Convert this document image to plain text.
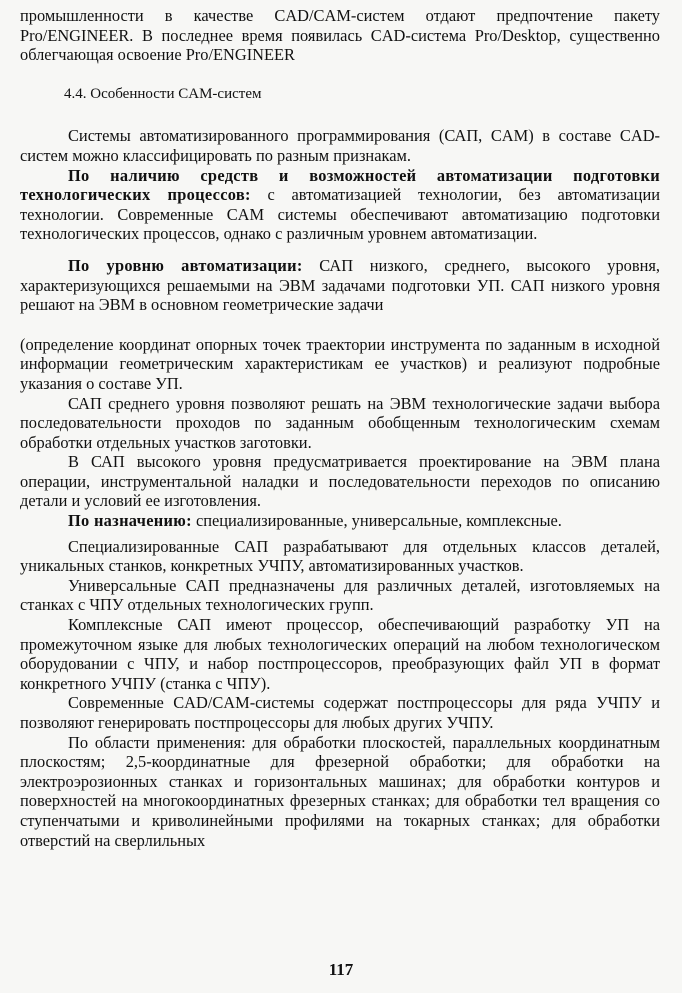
промышленности в качестве CAD/CAM-систем отдают предпочтение пакету Pro/ENGINEER. В последнее время появилась CAD-система Pro/Desktop, существенно облегчающая освоение Pro/ENGINEER

4.4. Особенности CAM-систем

Системы автоматизированного программирования (САП, CAM) в составе CAD-систем можно классифицировать по разным признакам.

По наличию средств и возможностей автоматизации подготовки технологических процессов: с автоматизацией технологии, без автоматизации технологии. Современные CAM системы обеспечивают автоматизацию подготовки технологических процессов, однако с различным уровнем автоматизации.

По уровню автоматизации: САП низкого, среднего, высокого уровня, характеризующихся решаемыми на ЭВМ задачами подготовки УП. САП низкого уровня решают на ЭВМ в основном геометрические задачи

(определение координат опорных точек траектории инструмента по заданным в исходной информации геометрическим характеристикам ее участков) и реализуют подробные указания о составе УП.

САП среднего уровня позволяют решать на ЭВМ технологические задачи выбора последовательности проходов по заданным обобщенным технологическим схемам обработки отдельных участков заготовки.

В САП высокого уровня предусматривается проектирование на ЭВМ плана операции, инструментальной наладки и последовательности переходов по описанию детали и условий ее изготовления.

По назначению: специализированные, универсальные, комплексные.

Специализированные САП разрабатывают для отдельных классов деталей, уникальных станков, конкретных УЧПУ, автоматизированных участков.

Универсальные САП предназначены для различных деталей, изготовляемых на станках с ЧПУ отдельных технологических групп.

Комплексные САП имеют процессор, обеспечивающий разработку УП на промежуточном языке для любых технологических операций на любом технологическом оборудовании с ЧПУ, и набор постпроцессоров, преобразующих файл УП в формат конкретного УЧПУ (станка с ЧПУ).

Современные CAD/CAM-системы содержат постпроцессоры для ряда УЧПУ и позволяют генерировать постпроцессоры для любых других УЧПУ.

По области применения: для обработки плоскостей, параллельных координатным плоскостям; 2,5-координатные для фрезерной обработки; для обработки на электроэрозионных станках и горизонтальных машинах; для обработки контуров и поверхностей на многокоординатных фрезерных станках; для обработки тел вращения со ступенчатыми и криволинейными профилями на токарных станках; для обработки отверстий на сверлильных

117
